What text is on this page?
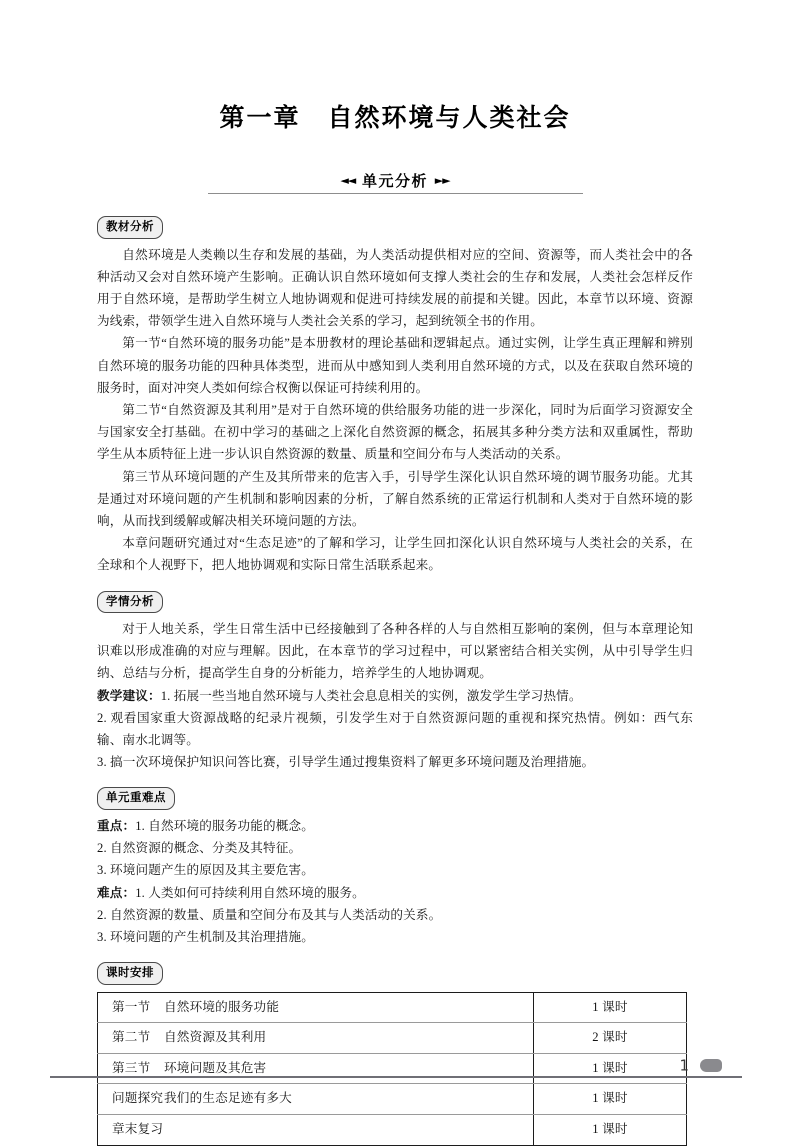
第一章　自然环境与人类社会
◄◄ 单元分析 ►►
教材分析

自然环境是人类赖以生存和发展的基础，为人类活动提供相对应的空间、资源等，而人类社会中的各种活动又会对自然环境产生影响。正确认识自然环境如何支撑人类社会的生存和发展，人类社会怎样反作用于自然环境，是帮助学生树立人地协调观和促进可持续发展的前提和关键。因此，本章节以环境、资源为线索，带领学生进入自然环境与人类社会关系的学习，起到统领全书的作用。

第一节“自然环境的服务功能”是本册教材的理论基础和逻辑起点。通过实例，让学生真正理解和辨别自然环境的服务功能的四种具体类型，进而从中感知到人类利用自然环境的方式，以及在获取自然环境的服务时，面对冲突人类如何综合权衡以保证可持续利用的。

第二节“自然资源及其利用”是对于自然环境的供给服务功能的进一步深化，同时为后面学习资源安全与国家安全打基础。在初中学习的基础之上深化自然资源的概念，拓展其多种分类方法和双重属性，帮助学生从本质特征上进一步认识自然资源的数量、质量和空间分布与人类活动的关系。

第三节从环境问题的产生及其所带来的危害入手，引导学生深化认识自然环境的调节服务功能。尤其是通过对环境问题的产生机制和影响因素的分析，了解自然系统的正常运行机制和人类对于自然环境的影响，从而找到缓解或解决相关环境问题的方法。

本章问题研究通过对“生态足迹”的了解和学习，让学生回扣深化认识自然环境与人类社会的关系，在全球和个人视野下，把人地协调观和实际日常生活联系起来。

学情分析

对于人地关系，学生日常生活中已经接触到了各种各样的人与自然相互影响的案例，但与本章理论知识难以形成准确的对应与理解。因此，在本章节的学习过程中，可以紧密结合相关实例，从中引导学生归纳、总结与分析，提高学生自身的分析能力，培养学生的人地协调观。

教学建议：1. 拓展一些当地自然环境与人类社会息息相关的实例，激发学生学习热情。

2. 观看国家重大资源战略的纪录片视频，引发学生对于自然资源问题的重视和探究热情。例如：西气东输、南水北调等。

3. 搞一次环境保护知识问答比赛，引导学生通过搜集资料了解更多环境问题及治理措施。

单元重难点

重点：1. 自然环境的服务功能的概念。

2. 自然资源的概念、分类及其特征。

3. 环境问题产生的原因及其主要危害。

难点：1. 人类如何可持续利用自然环境的服务。

2. 自然资源的数量、质量和空间分布及其与人类活动的关系。

3. 环境问题的产生机制及其治理措施。

课时安排
第一节 自然环境的服务功能	1 课时
第二节 自然资源及其利用	2 课时
第三节 环境问题及其危害	1 课时
问题探究我们的生态足迹有多大	1 课时
章末复习	1 课时
1
